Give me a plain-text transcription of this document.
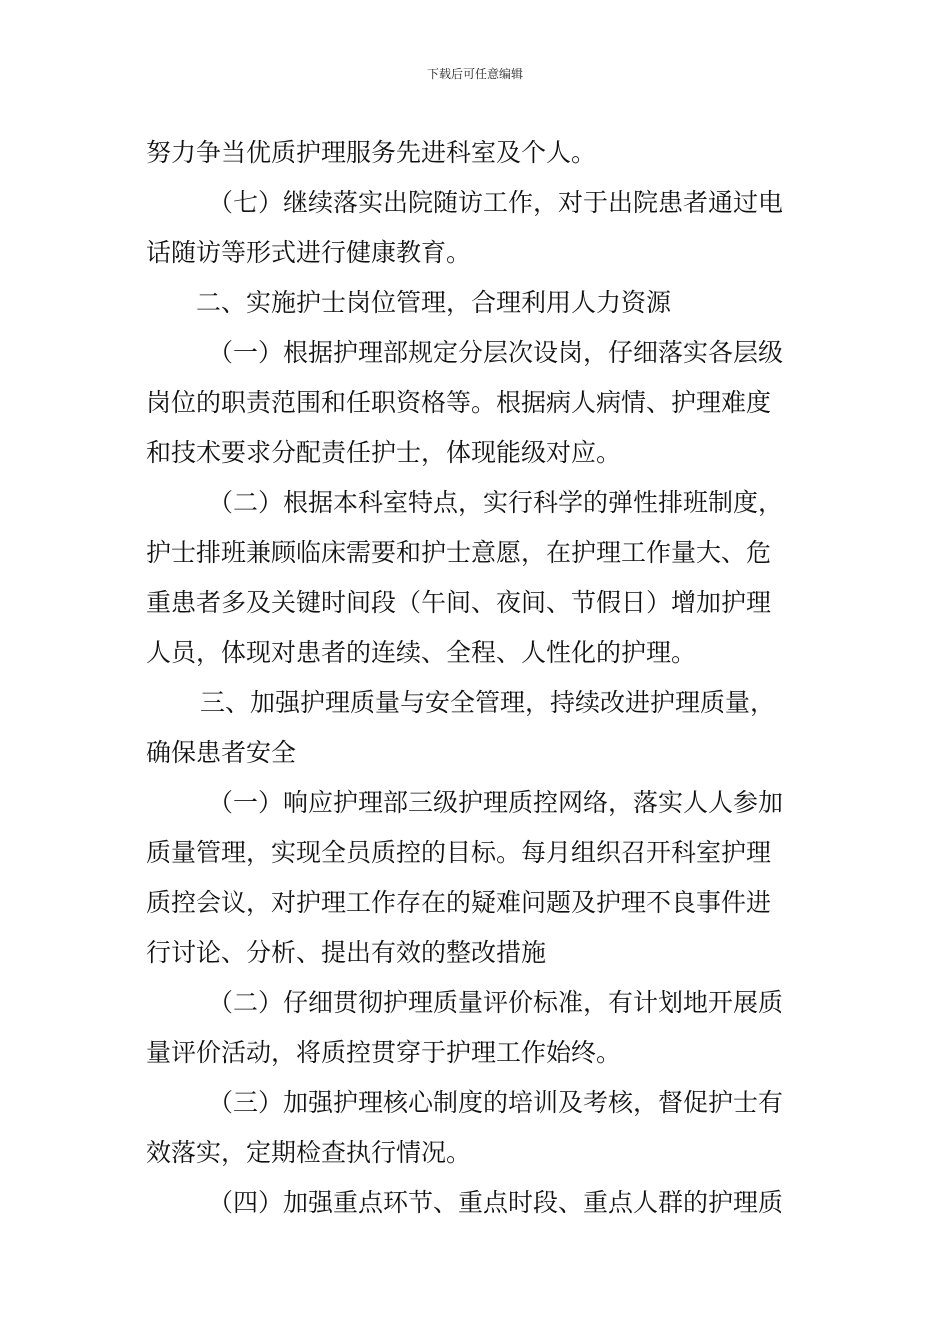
下载后可任意编辑
努力争当优质护理服务先进科室及个人。
（七）继续落实出院随访工作，对于出院患者通过电
话随访等形式进行健康教育。
二、实施护士岗位管理，合理利用人力资源
（一）根据护理部规定分层次设岗，仔细落实各层级
岗位的职责范围和任职资格等。根据病人病情、护理难度
和技术要求分配责任护士，体现能级对应。
（二）根据本科室特点，实行科学的弹性排班制度，
护士排班兼顾临床需要和护士意愿，在护理工作量大、危
重患者多及关键时间段（午间、夜间、节假日）增加护理
人员，体现对患者的连续、全程、人性化的护理。
三、加强护理质量与安全管理，持续改进护理质量，
确保患者安全
（一）响应护理部三级护理质控网络，落实人人参加
质量管理，实现全员质控的目标。每月组织召开科室护理
质控会议，对护理工作存在的疑难问题及护理不良事件进
行讨论、分析、提出有效的整改措施
（二）仔细贯彻护理质量评价标准，有计划地开展质
量评价活动，将质控贯穿于护理工作始终。
（三）加强护理核心制度的培训及考核，督促护士有
效落实，定期检查执行情况。
（四）加强重点环节、重点时段、重点人群的护理质
